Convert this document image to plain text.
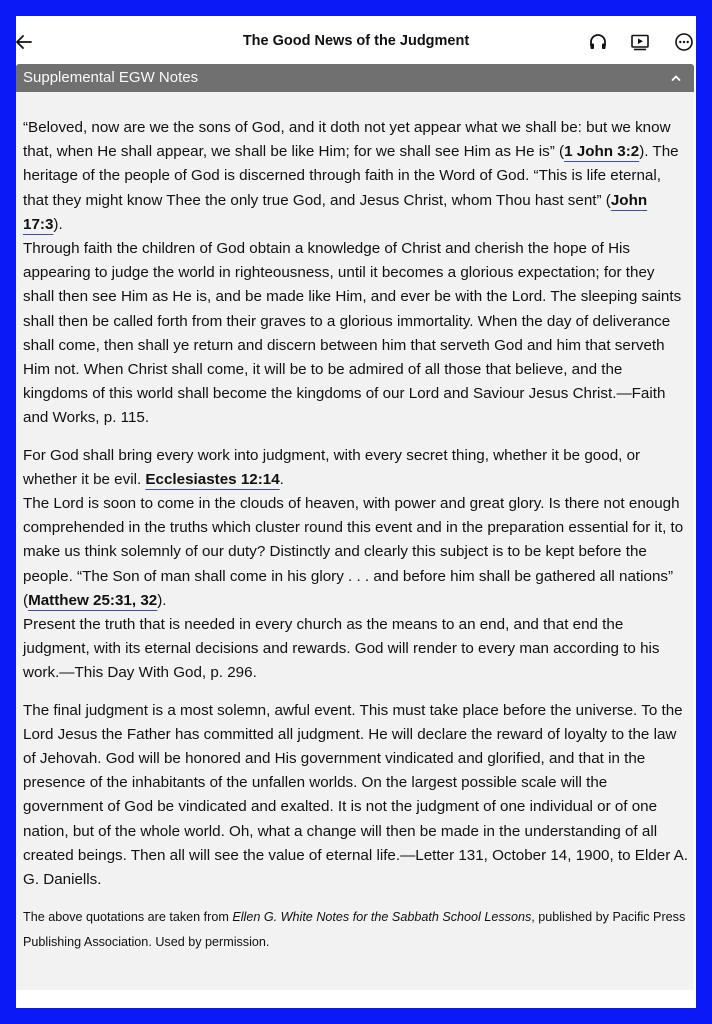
The Good News of the Judgment
Supplemental EGW Notes

“Beloved, now are we the sons of God, and it doth not yet appear what we shall be: but we know that, when He shall appear, we shall be like Him; for we shall see Him as He is” (1 John 3:2). The heritage of the people of God is discerned through faith in the Word of God. “This is life eternal, that they might know Thee the only true God, and Jesus Christ, whom Thou hast sent” (John 17:3).

Through faith the children of God obtain a knowledge of Christ and cherish the hope of His appearing to judge the world in righteousness, until it becomes a glorious expectation; for they shall then see Him as He is, and be made like Him, and ever be with the Lord. The sleeping saints shall then be called forth from their graves to a glorious immortality. When the day of deliverance shall come, then shall ye return and discern between him that serveth God and him that serveth Him not. When Christ shall come, it will be to be admired of all those that believe, and the kingdoms of this world shall become the kingdoms of our Lord and Saviour Jesus Christ.—Faith and Works, p. 115.

For God shall bring every work into judgment, with every secret thing, whether it be good, or whether it be evil. Ecclesiastes 12:14.

The Lord is soon to come in the clouds of heaven, with power and great glory. Is there not enough comprehended in the truths which cluster round this event and in the preparation essential for it, to make us think solemnly of our duty? Distinctly and clearly this subject is to be kept before the people. “The Son of man shall come in his glory . . . and before him shall be gathered all nations” (Matthew 25:31, 32).

Present the truth that is needed in every church as the means to an end, and that end the judgment, with its eternal decisions and rewards. God will render to every man according to his work.—This Day With God, p. 296.

The final judgment is a most solemn, awful event. This must take place before the universe. To the Lord Jesus the Father has committed all judgment. He will declare the reward of loyalty to the law of Jehovah. God will be honored and His government vindicated and glorified, and that in the presence of the inhabitants of the unfallen worlds. On the largest possible scale will the government of God be vindicated and exalted. It is not the judgment of one individual or of one nation, but of the whole world. Oh, what a change will then be made in the understanding of all created beings. Then all will see the value of eternal life.—Letter 131, October 14, 1900, to Elder A. G. Daniells.

The above quotations are taken from Ellen G. White Notes for the Sabbath School Lessons, published by Pacific Press Publishing Association. Used by permission.
